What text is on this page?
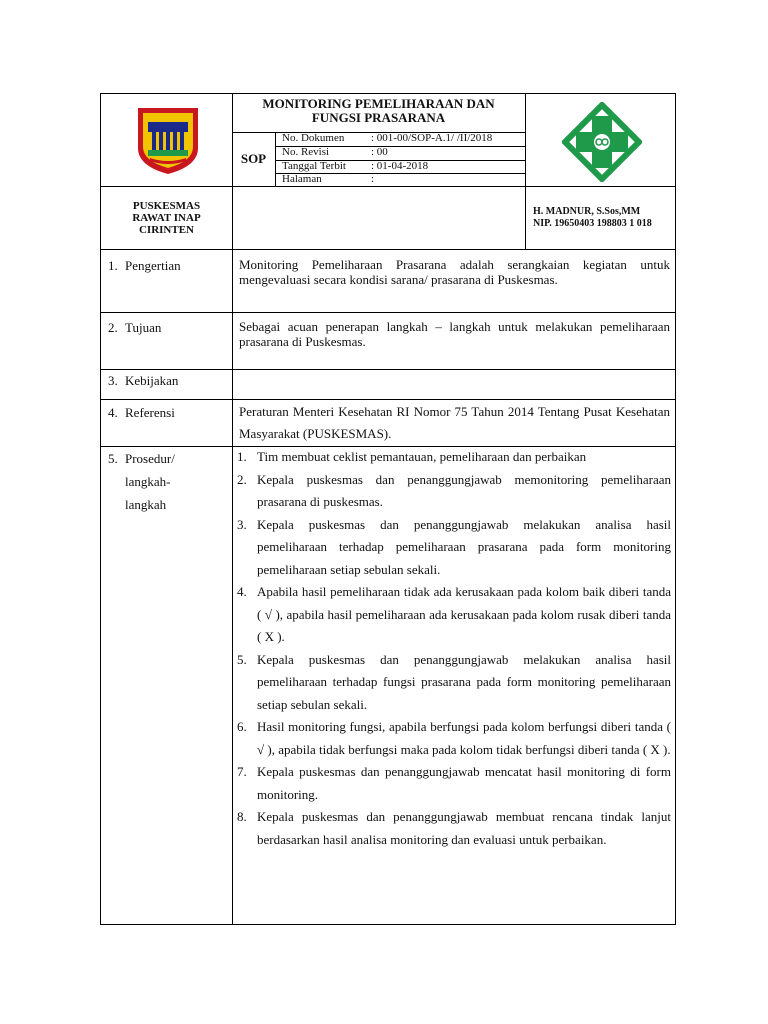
MONITORING PEMELIHARAAN DAN
FUNGSI PRASARANA
SOP
No. Dokumen : 001-00/SOP-A.1/ /II/2018
No. Revisi	: 00
Tanggal Terbit : 01-04-2018
Halaman	:
PUSKESMAS
RAWAT INAP
CIRINTEN
H. MADNUR, S.Sos,MM
NIP. 19650403 198803 1 018
1. Pengertian	Monitoring Pemeliharaan Prasarana adalah serangkaian kegiatan untuk mengevaluasi secara kondisi sarana/ prasarana di Puskesmas.
2. Tujuan	Sebagai acuan penerapan langkah – langkah untuk melakukan pemeliharaan prasarana di Puskesmas.
3. Kebijakan
4. Referensi	Peraturan Menteri Kesehatan RI Nomor 75 Tahun 2014 Tentang Pusat Kesehatan Masyarakat (PUSKESMAS).
5. Prosedur/
langkah-
langkah
1. Tim membuat ceklist pemantauan, pemeliharaan dan perbaikan
2. Kepala puskesmas dan penanggungjawab memonitoring pemeliharaan prasarana di puskesmas.
3. Kepala puskesmas dan penanggungjawab melakukan analisa hasil pemeliharaan terhadap pemeliharaan prasarana pada form monitoring pemeliharaan setiap sebulan sekali.
4. Apabila hasil pemeliharaan tidak ada kerusakaan pada kolom baik diberi tanda ( √ ), apabila hasil pemeliharaan ada kerusakaan pada kolom rusak diberi tanda ( X ).
5. Kepala puskesmas dan penanggungjawab melakukan analisa hasil pemeliharaan terhadap fungsi prasarana pada form monitoring pemeliharaan setiap sebulan sekali.
6. Hasil monitoring fungsi, apabila berfungsi pada kolom berfungsi diberi tanda ( √ ), apabila tidak berfungsi maka pada kolom tidak berfungsi diberi tanda ( X ).
7. Kepala puskesmas dan penanggungjawab mencatat hasil monitoring di form monitoring.
8. Kepala puskesmas dan penanggungjawab membuat rencana tindak lanjut berdasarkan hasil analisa monitoring dan evaluasi untuk perbaikan.
